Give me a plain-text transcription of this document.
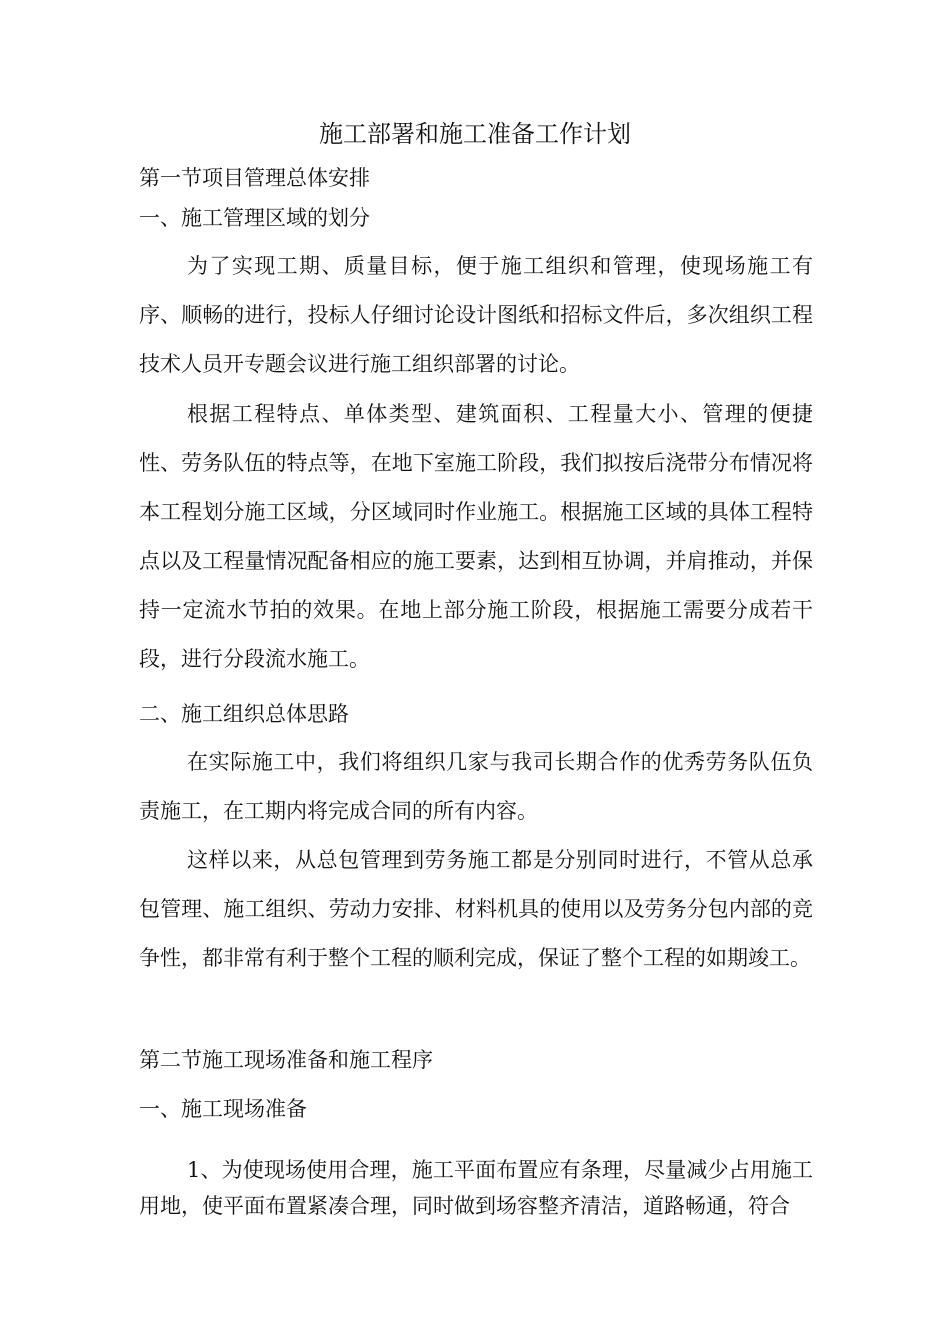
施工部署和施工准备工作计划
第一节项目管理总体安排
一、施工管理区域的划分

为了实现工期、质量目标，便于施工组织和管理，使现场施工有序、顺畅的进行，投标人仔细讨论设计图纸和招标文件后，多次组织工程技术人员开专题会议进行施工组织部署的讨论。

根据工程特点、单体类型、建筑面积、工程量大小、管理的便捷性、劳务队伍的特点等，在地下室施工阶段，我们拟按后浇带分布情况将本工程划分施工区域，分区域同时作业施工。根据施工区域的具体工程特点以及工程量情况配备相应的施工要素，达到相互协调，并肩推动，并保持一定流水节拍的效果。在地上部分施工阶段，根据施工需要分成若干段，进行分段流水施工。

二、施工组织总体思路

在实际施工中，我们将组织几家与我司长期合作的优秀劳务队伍负责施工，在工期内将完成合同的所有内容。

这样以来，从总包管理到劳务施工都是分别同时进行，不管从总承包管理、施工组织、劳动力安排、材料机具的使用以及劳务分包内部的竞争性，都非常有利于整个工程的顺利完成，保证了整个工程的如期竣工。

第二节施工现场准备和施工程序
一、施工现场准备

1、为使现场使用合理，施工平面布置应有条理，尽量减少占用施工用地，使平面布置紧凑合理，同时做到场容整齐清洁，道路畅通，符合
